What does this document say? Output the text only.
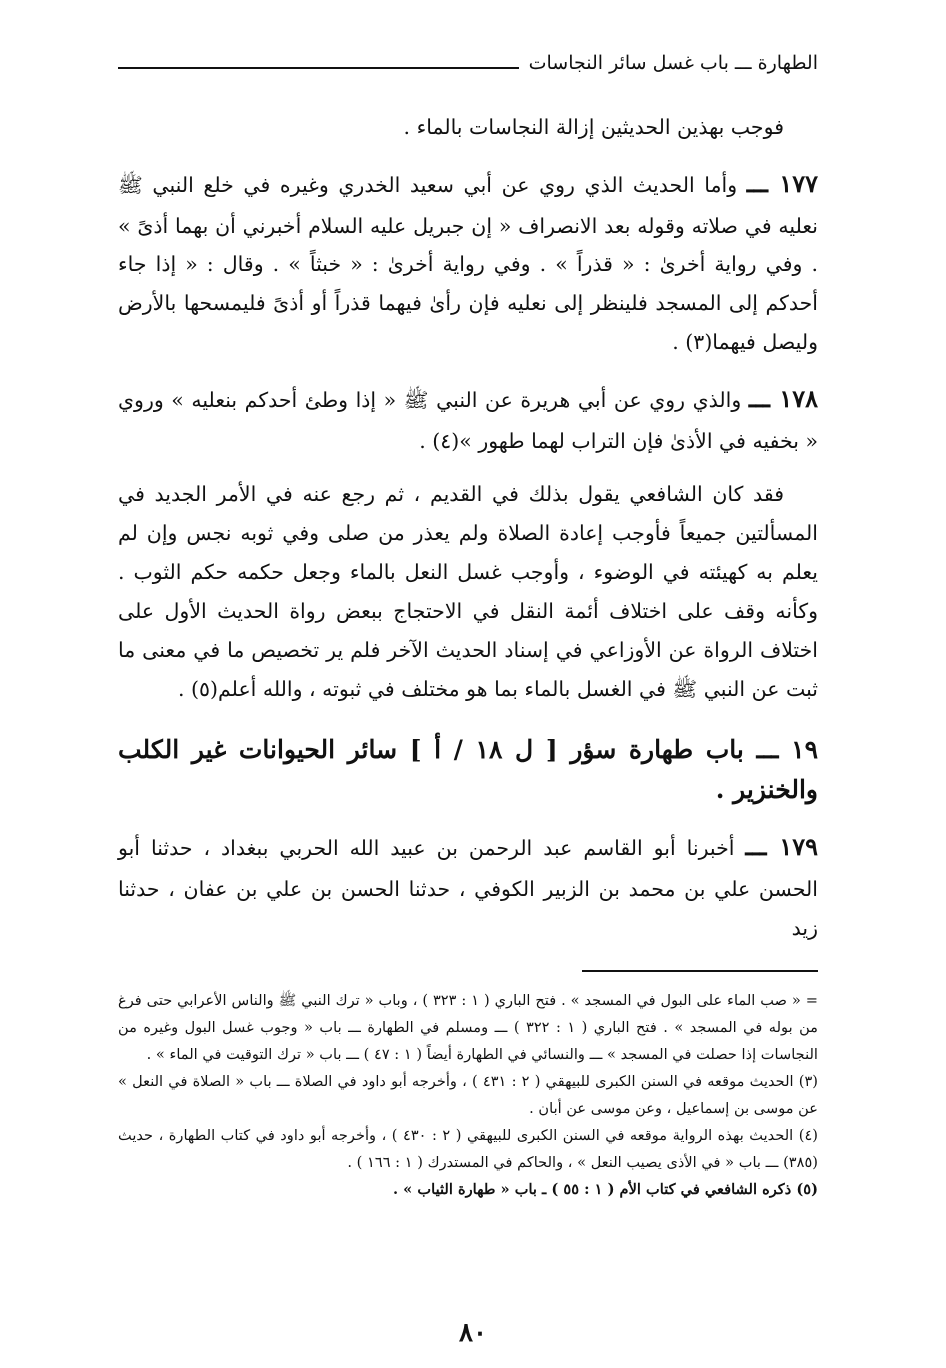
الطهارة ـــ باب غسل سائر النجاسات

فوجب بهذين الحديثين إزالة النجاسات بالماء .

١٧٧ ـــ وأما الحديث الذي روي عن أبي سعيد الخدري وغيره في خلع النبي ﷺ نعليه في صلاته وقوله بعد الانصراف « إن جبريل عليه السلام أخبرني أن بهما أذىً » . وفي رواية أخرىٰ : « قذراً » . وفي رواية أخرىٰ : « خبثاً » . وقال : « إذا جاء أحدكم إلى المسجد فلينظر إلى نعليه فإن رأىٰ فيهما قذراً أو أذىً فليمسحها بالأرض وليصل فيهما(٣) .

١٧٨ ـــ والذي روي عن أبي هريرة عن النبي ﷺ « إذا وطئ أحدكم بنعليه » وروي « بخفيه في الأذىٰ فإن التراب لهما طهور »(٤) .

فقد كان الشافعي يقول بذلك في القديم ، ثم رجع عنه في الأمر الجديد في المسألتين جميعاً فأوجب إعادة الصلاة ولم يعذر من صلى وفي ثوبه نجس وإن لم يعلم به كهيئته في الوضوء ، وأوجب غسل النعل بالماء وجعل حكمه حكم الثوب . وكأنه وقف على اختلاف أئمة النقل في الاحتجاج ببعض رواة الحديث الأول على اختلاف الرواة عن الأوزاعي في إسناد الحديث الآخر فلم ير تخصيص ما في معنى ما ثبت عن النبي ﷺ في الغسل بالماء بما هو مختلف في ثبوته ، والله أعلم(٥) .

١٩ ـــ باب طهارة سؤر [ ل ١٨ / أ ] سائر الحيوانات غير الكلب والخنزير .

١٧٩ ـــ أخبرنا أبو القاسم عبد الرحمن بن عبيد الله الحربي ببغداد ، حدثنا أبو الحسن علي بن محمد بن الزبير الكوفي ، حدثنا الحسن بن علي بن عفان ، حدثنا زيد

= « صب الماء على البول في المسجد » . فتح الباري ( ١ : ٣٢٣ ) ، وباب « ترك النبي ﷺ والناس الأعرابي حتى فرغ من بوله في المسجد » . فتح الباري ( ١ : ٣٢٢ ) ـــ ومسلم في الطهارة ـــ باب « وجوب غسل البول وغيره من النجاسات إذا حصلت في المسجد » ـــ والنسائي في الطهارة أيضاً ( ١ : ٤٧ ) ـــ باب « ترك التوقيت في الماء » .

(٣) الحديث موقعه في السنن الكبرى للبيهقي ( ٢ : ٤٣١ ) ، وأخرجه أبو داود في الصلاة ـــ باب « الصلاة في النعل » عن موسى بن إسماعيل ، وعن موسى عن أبان .

(٤) الحديث بهذه الرواية موقعه في السنن الكبرى للبيهقي ( ٢ : ٤٣٠ ) ، وأخرجه أبو داود في كتاب الطهارة ، حديث (٣٨٥) ـــ باب « في الأذى يصيب النعل » ، والحاكم في المستدرك ( ١ : ١٦٦ ) .

(٥) ذكره الشافعي في كتاب الأم ( ١ : ٥٥ ) ـ باب « طهارة الثياب » .

٨٠
